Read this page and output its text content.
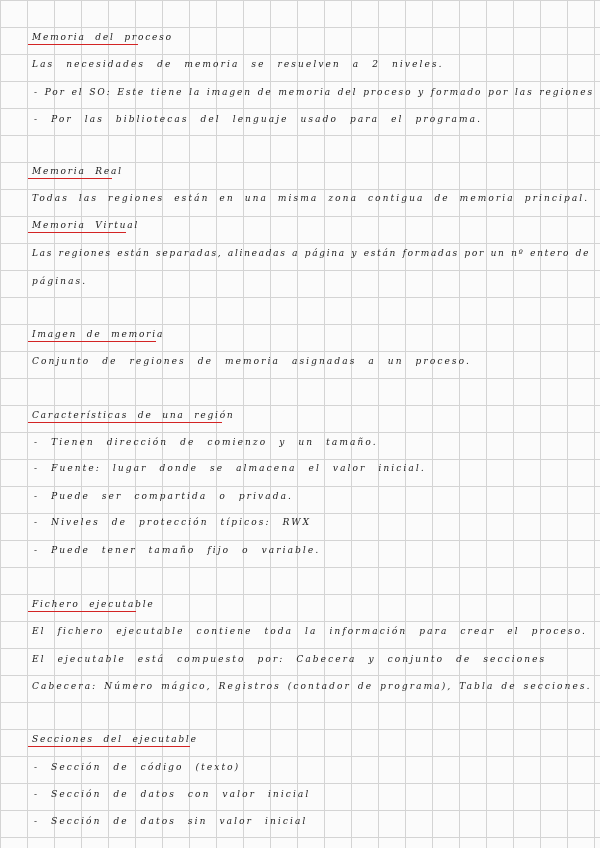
Memoria del proceso
Las necesidades de memoria se resuelven a 2 niveles.
- Por el SO: Este tiene la imagen de memoria del proceso y formado por las regiones
- Por las bibliotecas del lenguaje usado para el programa.
Memoria Real
Todas las regiones están en una misma zona contigua de memoria principal.
Memoria Virtual
Las regiones están separadas, alineadas a página y están formadas por un nº entero de
páginas.
Imagen de memoria
Conjunto de regiones de memoria asignadas a un proceso.
Características de una región
- Tienen dirección de comienzo y un tamaño.
- Fuente: lugar donde se almacena el valor inicial.
- Puede ser compartida o privada.
- Niveles de protección típicos: RWX
- Puede tener tamaño fijo o variable.
Fichero ejecutable
El fichero ejecutable contiene toda la información para crear el proceso.
El ejecutable está compuesto por: Cabecera y conjunto de secciones
Cabecera: Número mágico, Registros (contador de programa), Tabla de secciones.
Secciones del ejecutable
- Sección de código (texto)
- Sección de datos con valor inicial
- Sección de datos sin valor inicial
